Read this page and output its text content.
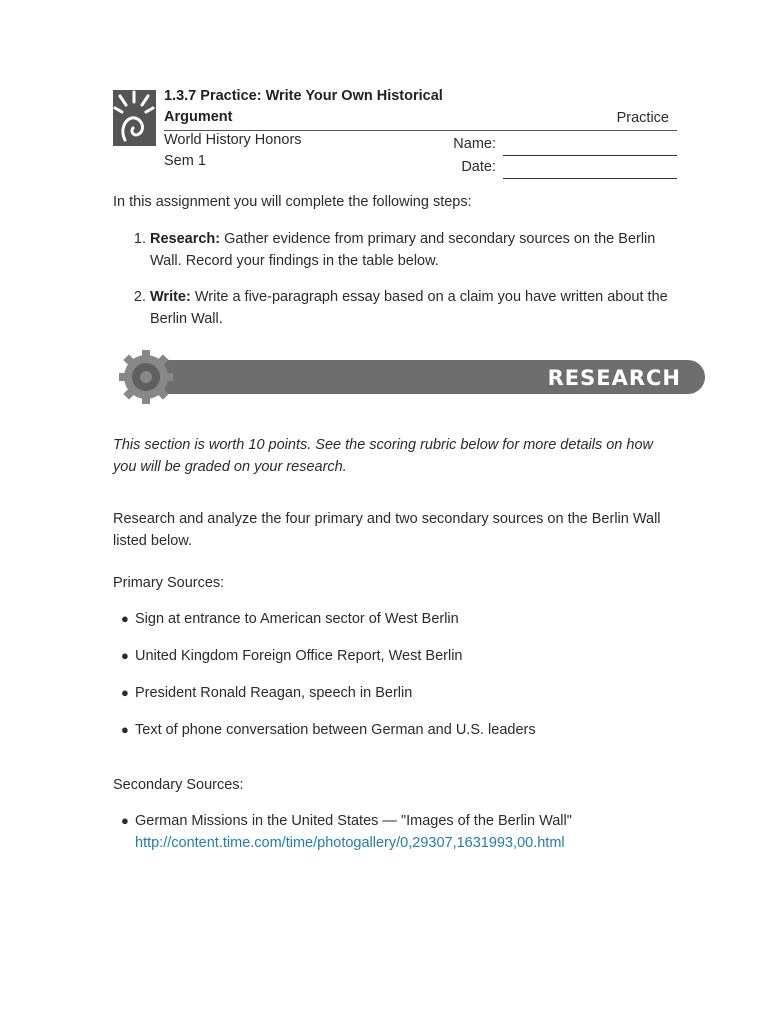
1.3.7 Practice: Write Your Own Historical Argument	Practice
World History Honors
Sem 1
Name:
Date:
In this assignment you will complete the following steps:
1. Research: Gather evidence from primary and secondary sources on the Berlin Wall. Record your findings in the table below.
2. Write: Write a five-paragraph essay based on a claim you have written about the Berlin Wall.
RESEARCH
This section is worth 10 points. See the scoring rubric below for more details on how you will be graded on your research.
Research and analyze the four primary and two secondary sources on the Berlin Wall listed below.
Primary Sources:
● Sign at entrance to American sector of West Berlin
● United Kingdom Foreign Office Report, West Berlin
● President Ronald Reagan, speech in Berlin
● Text of phone conversation between German and U.S. leaders
Secondary Sources:
● German Missions in the United States — "Images of the Berlin Wall"
http://content.time.com/time/photogallery/0,29307,1631993,00.html
